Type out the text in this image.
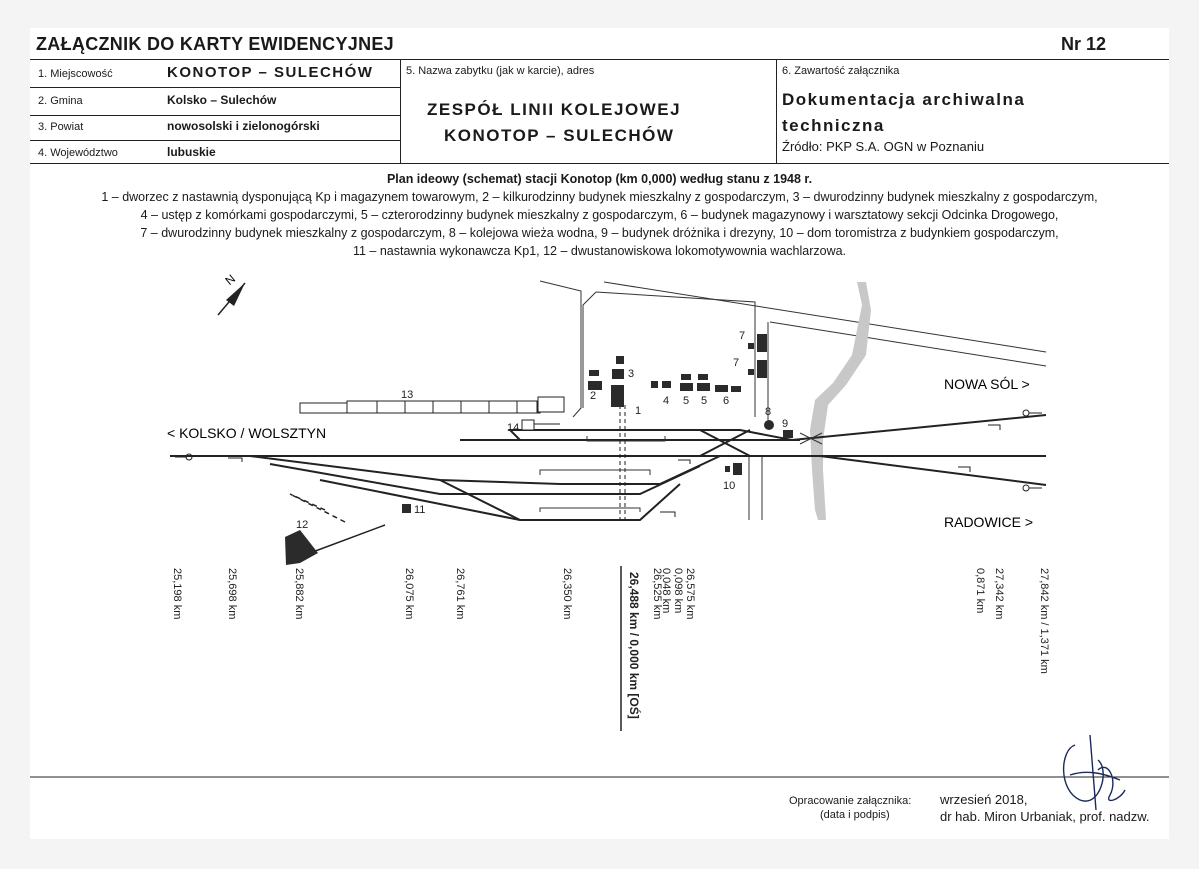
ZAŁĄCZNIK DO KARTY EWIDENCYJNEJ	Nr 12
1. Miejscowość	KONOTOP – SULECHÓW
2. Gmina	Kolsko – Sulechów
3. Powiat	nowosolski i zielonogórski
4. Województwo	lubuskie
5. Nazwa zabytku (jak w karcie), adres
ZESPÓŁ LINII KOLEJOWEJ
KONOTOP – SULECHÓW
6. Zawartość załącznika
Dokumentacja archiwalna
techniczna
Źródło: PKP S.A. OGN w Poznaniu
Plan ideowy (schemat) stacji Konotop (km 0,000) według stanu z 1948 r.
1 – dworzec z nastawnią dysponującą Kp i magazynem towarowym, 2 – kilkurodzinny budynek mieszkalny z gospodarczym, 3 – dwurodzinny budynek mieszkalny z gospodarczym,
4 – ustęp z komórkami gospodarczymi, 5 – czterorodzinny budynek mieszkalny z gospodarczym, 6 – budynek magazynowy i warsztatowy sekcji Odcinka Drogowego,
7 – dwurodzinny budynek mieszkalny z gospodarczym, 8 – kolejowa wieża wodna, 9 – budynek dróżnika i drezyny, 10 – dom toromistrza z budynkiem gospodarczym,
11 – nastawnia wykonawcza Kp1, 12 – dwustanowiskowa lokomotywownia wachlarzowa.
N
13
1
2
3
4 5 5 6
7
7
8
9
10
11
12
14
< KOLSKO / WOLSZTYN
NOWA SÓL >
RADOWICE >
25,198 km	25,698 km	25,882 km	26,075 km	26,761 km	26,350 km	26,488 km / 0,000 km [OŚ] 26,525 km
0,048 km 0,098 km 26,575 km	0,871 km 27,342 km	27,842 km / 1,371 km
Opracowanie załącznika:
(data i podpis)
wrzesień 2018,
dr hab. Miron Urbaniak, prof. nadzw.
